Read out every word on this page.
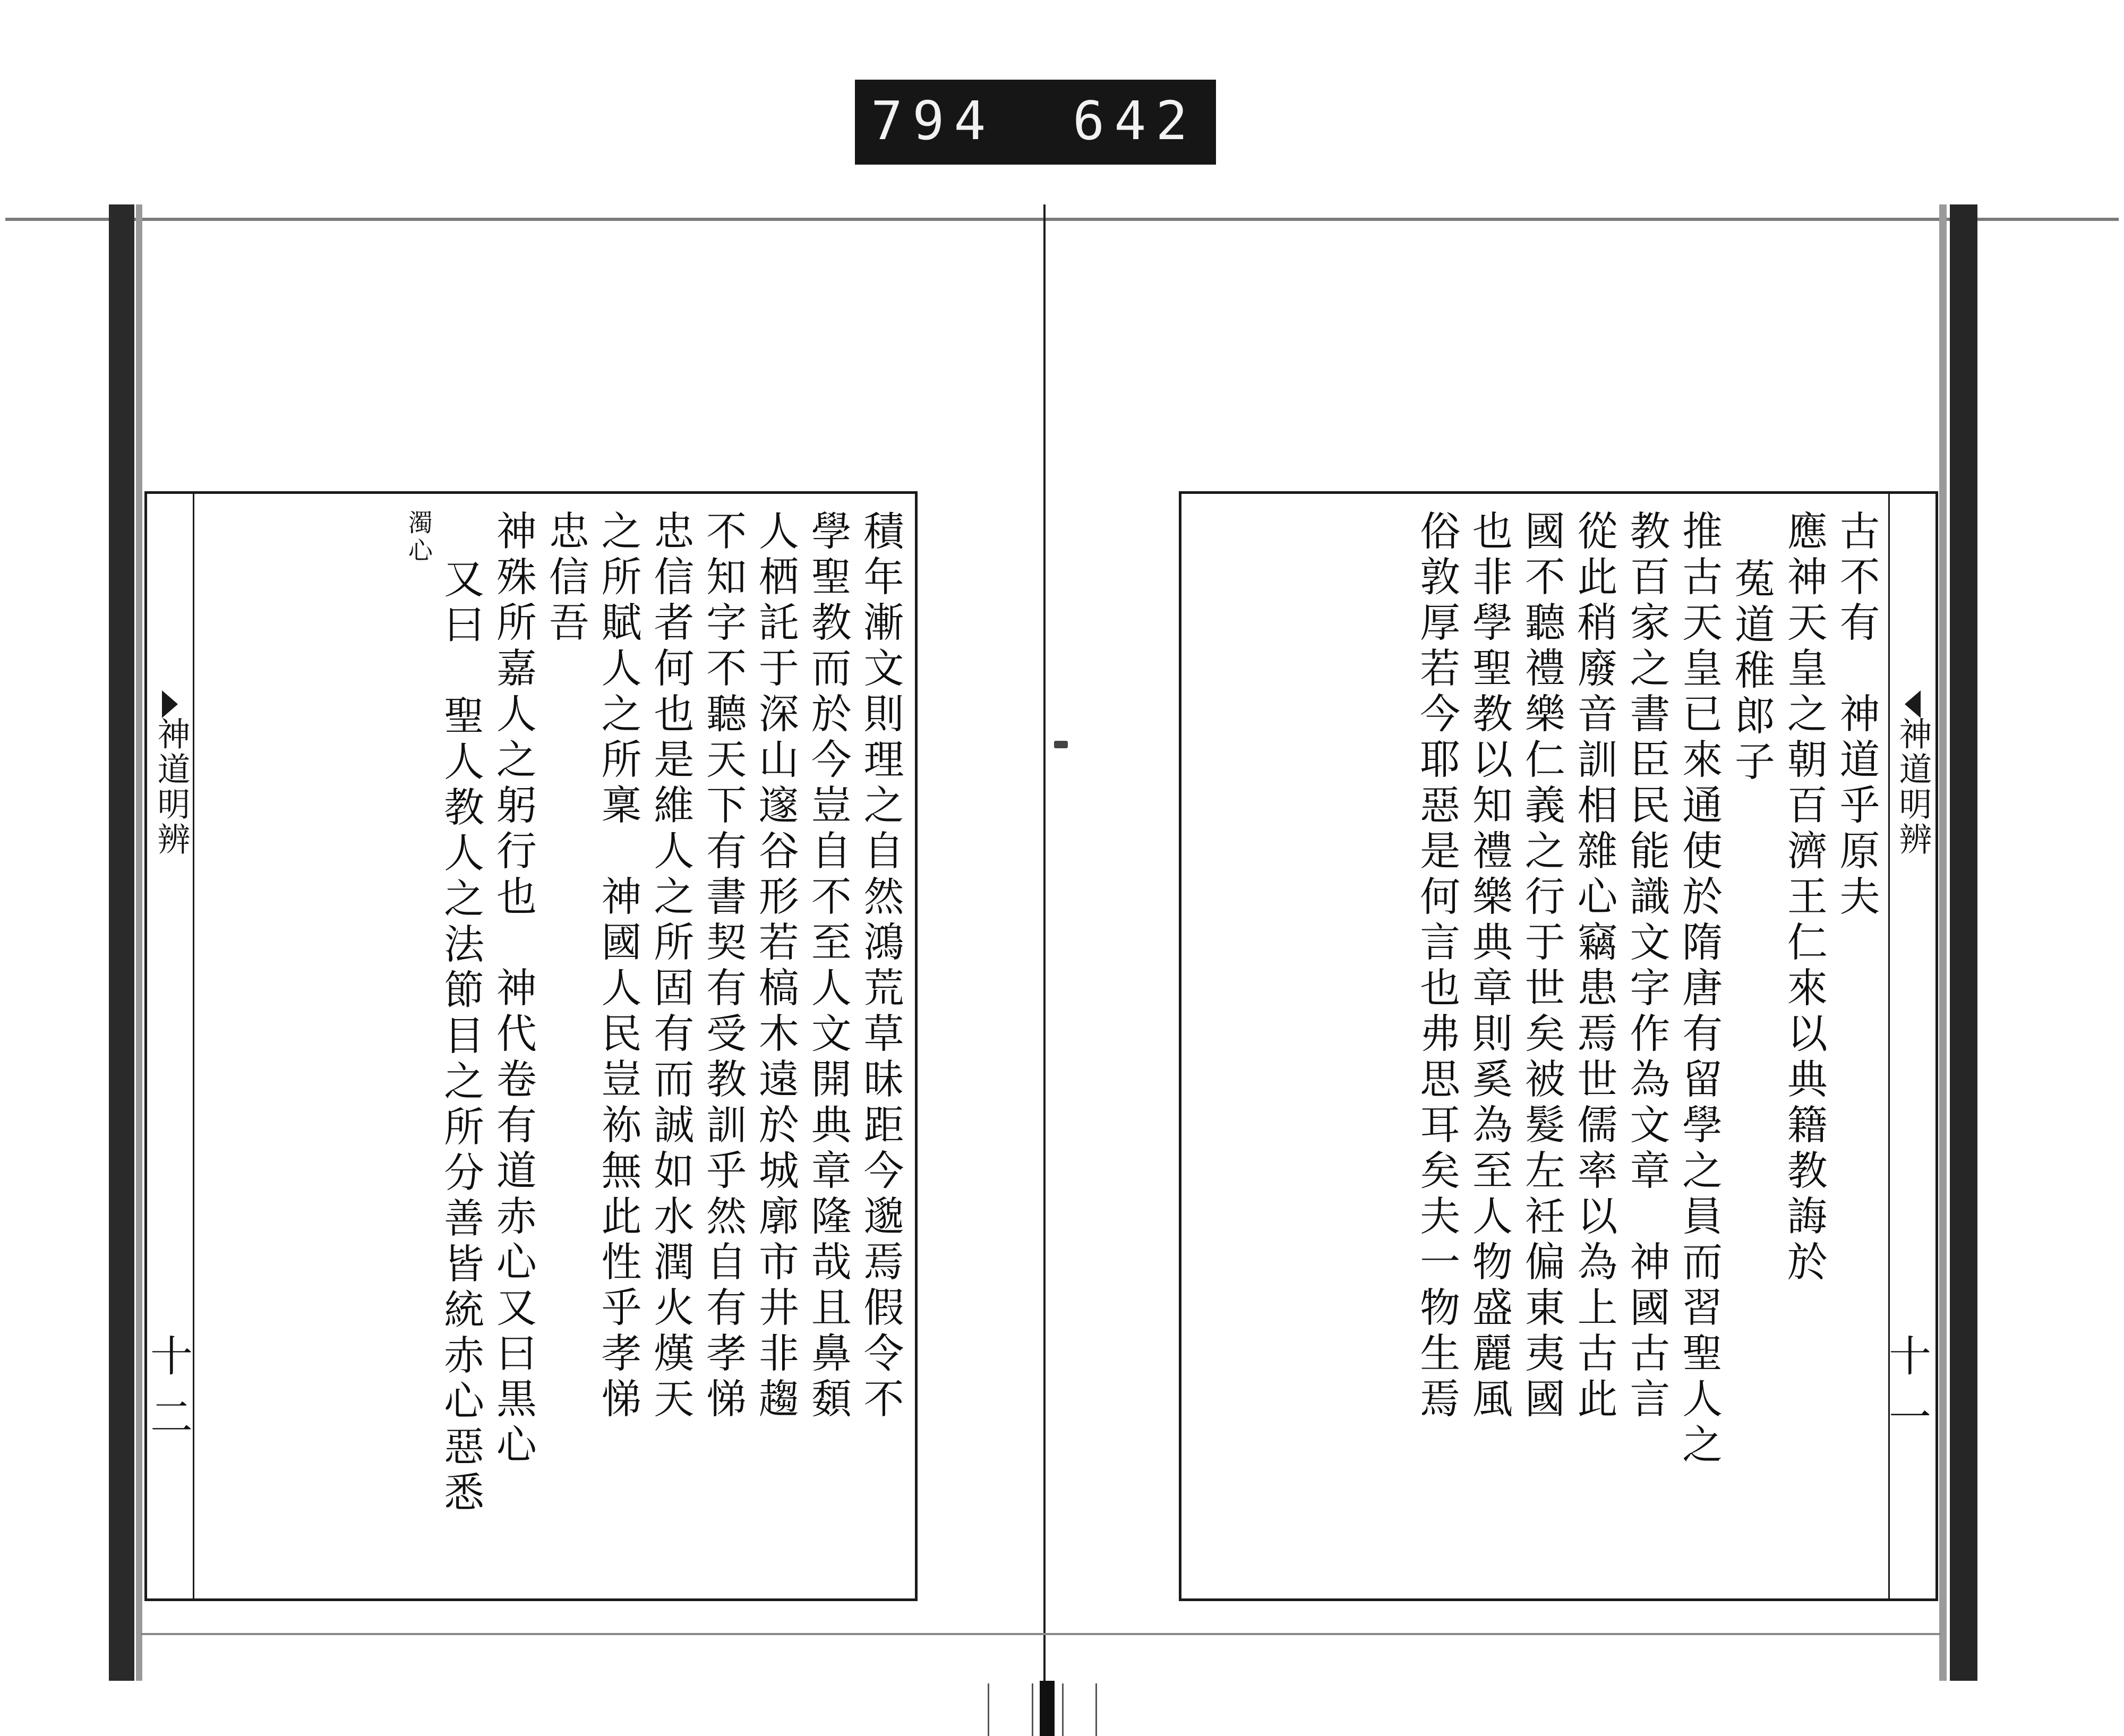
794 642
神道明辨
十二	積年漸文則理之自然鴻荒草昧距今邈焉假令不
學聖教而於今豈自不至人文開典章隆哉且鼻䫋
人栖託于深山邃谷形若槁木遠於城廓市井非趨
不知字不聽天下有書契有受教訓乎然自有孝悌
忠信者何也是維人之所固有而誠如水潤火熯天
之所賦人之所稟　神國人民豈袮無此性乎孝悌
忠信吾
神殊所嘉人之躬行也　神代卷有道赤心又曰黒心
又曰　聖人教人之法節目之所分善皆統赤心惡悉
濁心
神道明辨
十一
古不有　神道乎原夫
應神天皇之朝百濟王仁來以典籍教誨於
菟道稚郎子
推古天皇已來通使於隋唐有留學之員而習聖人之
教百家之書臣民能識文字作為文章　神國古言
從此稍廢音訓相雜心竊患焉世儒率以為上古此
國不聽禮樂仁義之行于世矣被髮左衽偏東夷國
也非學聖教以知禮樂典章則奚為至人物盛麗風
俗敦厚若今耶惡是何言也弗思耳矣夫一物生焉
